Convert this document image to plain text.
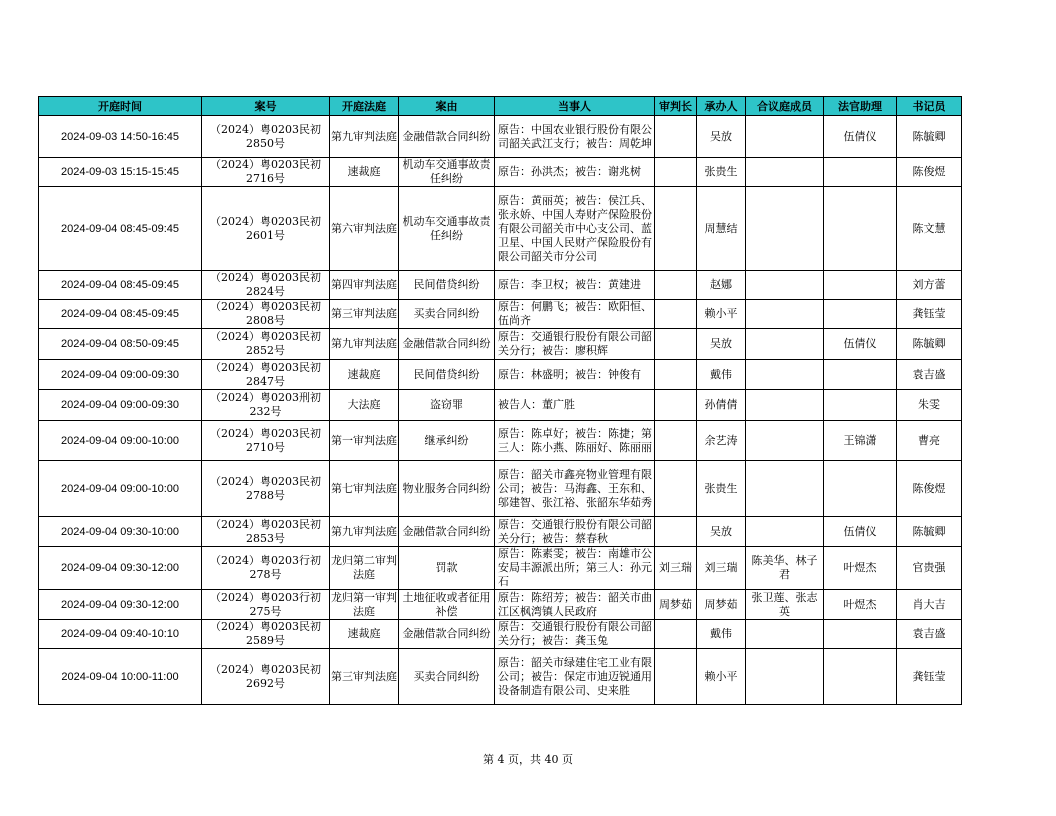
开庭时间	案号	开庭法庭	案由	当事人	审判长	承办人	合议庭成员	法官助理	书记员
2024-09-03 14:50-16:45	（2024）粤0203民初2850号	第九审判法庭	金融借款合同纠纷	原告：中国农业银行股份有限公司韶关武江支行；被告：周乾坤		吴放		伍倩仪	陈毓卿
2024-09-03 15:15-15:45	（2024）粤0203民初2716号	速裁庭	机动车交通事故责任纠纷	原告：孙洪杰；被告：谢兆树		张贵生			陈俊煜
2024-09-04 08:45-09:45	（2024）粤0203民初2601号	第六审判法庭	机动车交通事故责任纠纷	原告：黄丽英；被告：侯江兵、张永娇、中国人寿财产保险股份有限公司韶关市中心支公司、蓝卫星、中国人民财产保险股份有限公司韶关市分公司		周慧结			陈文慧
2024-09-04 08:45-09:45	（2024）粤0203民初2824号	第四审判法庭	民间借贷纠纷	原告：李卫权；被告：黄建进		赵娜			刘方蕾
2024-09-04 08:45-09:45	（2024）粤0203民初2808号	第三审判法庭	买卖合同纠纷	原告：何鹏飞；被告：欧阳恒、伍尚齐		赖小平			龚钰莹
2024-09-04 08:50-09:45	（2024）粤0203民初2852号	第九审判法庭	金融借款合同纠纷	原告：交通银行股份有限公司韶关分行；被告：廖积辉		吴放		伍倩仪	陈毓卿
2024-09-04 09:00-09:30	（2024）粤0203民初2847号	速裁庭	民间借贷纠纷	原告：林盛明；被告：钟俊有		戴伟			袁吉盛
2024-09-04 09:00-09:30	（2024）粤0203刑初232号	大法庭	盗窃罪	被告人：董广胜		孙倩倩			朱雯
2024-09-04 09:00-10:00	（2024）粤0203民初2710号	第一审判法庭	继承纠纷	原告：陈卓好；被告：陈捷；第三人：陈小燕、陈丽好、陈丽丽		余艺涛		王锦潇	曹亮
2024-09-04 09:00-10:00	（2024）粤0203民初2788号	第七审判法庭	物业服务合同纠纷	原告：韶关市鑫亮物业管理有限公司；被告：马海鑫、王东和、邬建智、张江裕、张韶东华茹秀		张贵生			陈俊煜
2024-09-04 09:30-10:00	（2024）粤0203民初2853号	第九审判法庭	金融借款合同纠纷	原告：交通银行股份有限公司韶关分行；被告：蔡春秋		吴放		伍倩仪	陈毓卿
2024-09-04 09:30-12:00	（2024）粤0203行初278号	龙归第二审判法庭	罚款	原告：陈素雯；被告：南雄市公安局丰源派出所；第三人：孙元石	刘三瑞	刘三瑞	陈美华、林子君	叶煜杰	官贵强
2024-09-04 09:30-12:00	（2024）粤0203行初275号	龙归第一审判法庭	土地征收或者征用补偿	原告：陈绍芳；被告：韶关市曲江区枫湾镇人民政府	周梦茹	周梦茹	张卫莲、张志英	叶煜杰	肖大吉
2024-09-04 09:40-10:10	（2024）粤0203民初2589号	速裁庭	金融借款合同纠纷	原告：交通银行股份有限公司韶关分行；被告：龚玉兔		戴伟			袁吉盛
2024-09-04 10:00-11:00	（2024）粤0203民初2692号	第三审判法庭	买卖合同纠纷	原告：韶关市绿建住宅工业有限公司；被告：保定市迪迈锐通用设备制造有限公司、史来胜		赖小平			龚钰莹
第 4 页，共 40 页
